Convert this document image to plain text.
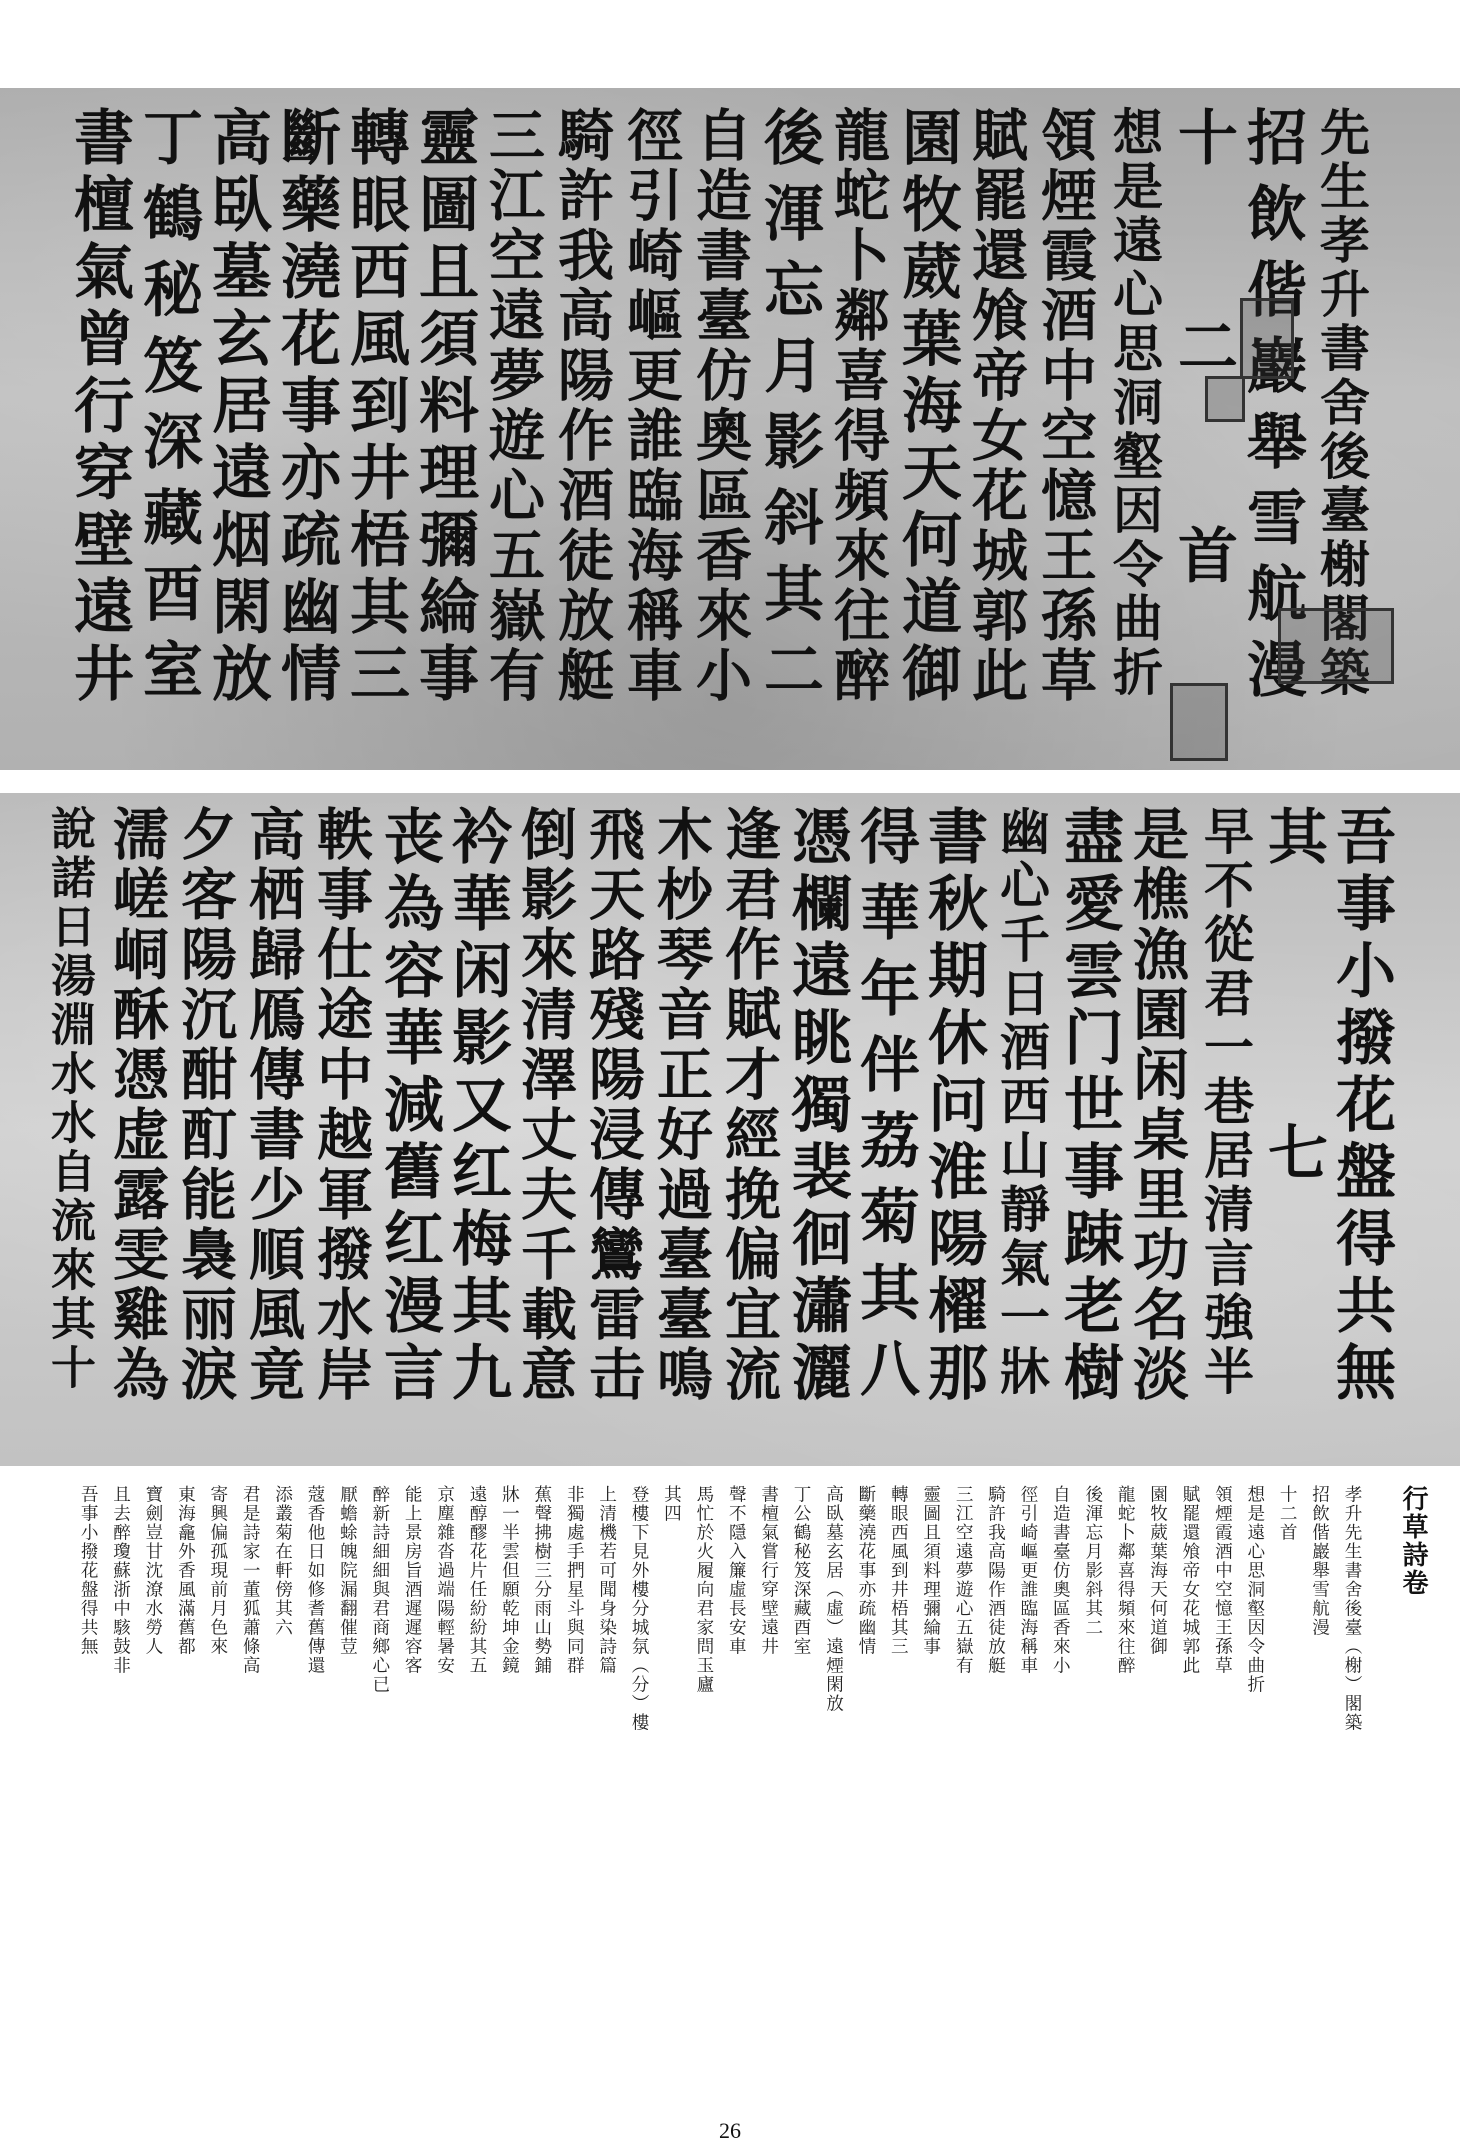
先生孝升書舍後臺榭閣築
招飲偕巖舉雪航漫
十二首
想是遠心思洞壑因令曲折
領煙霞酒中空憶王孫草
賦罷還飧帝女花城郭此
園牧葳葉海天何道御
龍蛇卜鄰喜得頻來往醉
後渾忘月影斜其二
自造書臺仿奧區香來小
徑引崎嶇更誰臨海稱車
騎許我高陽作酒徒放艇
三江空遠夢遊心五嶽有
靈圖且須料理彌綸事
轉眼西風到井梧其三
斷藥澆花事亦疏幽情
高臥墓玄居遠烟閑放
丁鶴秘笈深藏酉室
書檀氣曾行穿壁遠井
吾事小撥花盤得共無
其七
早不從君一巷居清言強半
是樵漁園闲桌里功名淡
盡愛雲门世事踈老樹
幽心千日酒西山靜氣一牀
書秋期休问淮陽櫂那
得華年伴荔菊其八
憑欄遠眺獨裴徊瀟灑
逢君作賦才經挽偏宜流
木杪琴音正好過臺臺鳴
飛天路殘陽浸傳鸞雷击
倒影來清澤丈夫千載意
衿華闲影又红梅其九
丧為容華減舊红漫言
軼事仕途中越軍撥水岸
高栖歸鴈傳書少順風竟
夕客陽沉酣酊能裊丽淚
濡嵯峒酥憑虚露雯雞為
說諾日湯淵水水自流來其十
行草詩卷
孝升先生書舍後臺（榭）閣築
招飲偕巖舉雪航漫
十二首
想是遠心思洞壑因令曲折
領煙霞酒中空憶王孫草
賦罷還飧帝女花城郭此
園牧葳葉海天何道御
龍蛇卜鄰喜得頻來往醉
後渾忘月影斜其二
自造書臺仿奧區香來小
徑引崎嶇更誰臨海稱車
騎許我高陽作酒徒放艇
三江空遠夢遊心五嶽有
靈圖且須料理彌綸事
轉眼西風到井梧其三
斷藥澆花事亦疏幽情
高臥墓玄居（虛）遠煙閑放
丁公鶴秘笈深藏酉室
書檀氣嘗行穿壁遠井
聲不隱入簾虛長安車
馬忙於火履向君家問玉廬
其四
登樓下見外樓分城氛（分）樓
上清機若可聞身染詩篇
非獨處手捫星斗與同群
蕉聲拂樹三分雨山勢鋪
牀一半雲但願乾坤金鏡
遠醇醪花片任紛紛其五
京塵雜沓過端陽輕暑安
能上景房旨酒遲遲容客
醉新詩細細與君商鄉心已
厭蟾蜍魄院漏翻催荳
蔻香他日如修耆舊傳還
添叢菊在軒傍其六
君是詩家一董狐蕭條高
寄興偏孤現前月色來
東海龕外香風滿舊都
寶劍豈甘沈潦水勞人
且去醉瓊蘇浙中駭鼓非
吾事小撥花盤得共無
26
